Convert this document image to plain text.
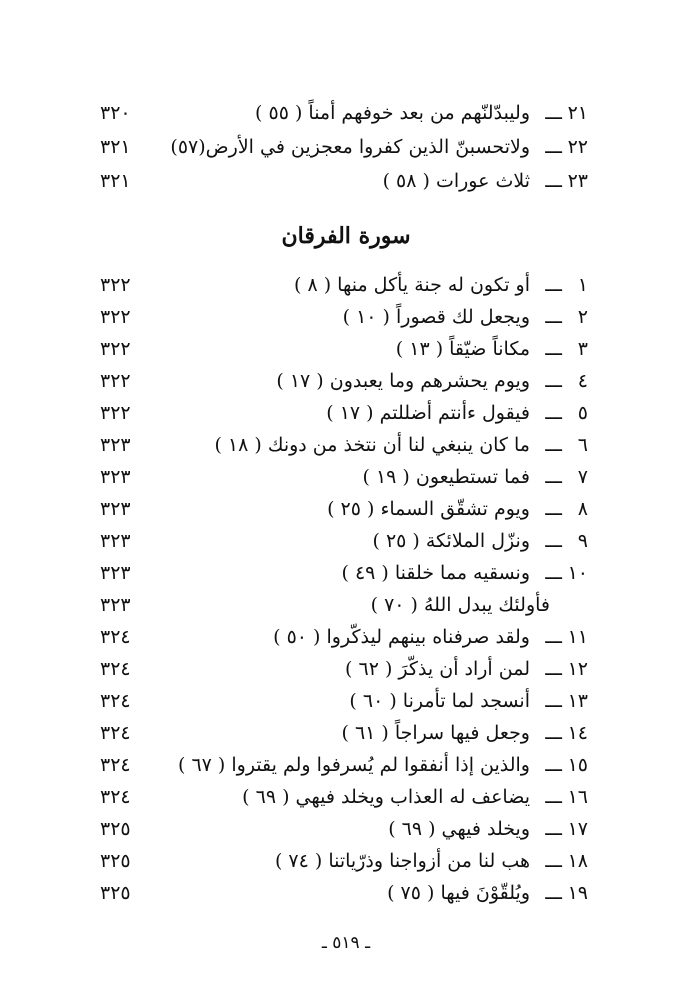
٢١
ـــ
وليبدّلنّهم من بعد خوفهم أمناً ( ٥٥ )
٣٢٠
٢٢
ـــ
ولاتحسبنّ الذين كفروا معجزين في الأرض(٥٧)
٣٢١
٢٣
ـــ
ثلاث عورات ( ٥٨ )
٣٢١
سورة الفرقان
١
ـــ
أو تكون له جنة يأكل منها ( ٨ )
٣٢٢
٢
ـــ
ويجعل لك قصوراً ( ١٠ )
٣٢٢
٣
ـــ
مكاناً ضيّقاً ( ١٣ )
٣٢٢
٤
ـــ
ويوم يحشرهم وما يعبدون ( ١٧ )
٣٢٢
٥
ـــ
فيقول ءأنتم أضللتم ( ١٧ )
٣٢٢
٦
ـــ
ما كان ينبغي لنا أن نتخذ من دونك ( ١٨ )
٣٢٣
٧
ـــ
فما تستطيعون ( ١٩ )
٣٢٣
٨
ـــ
ويوم تشقّق السماء ( ٢٥ )
٣٢٣
٩
ـــ
ونزّل الملائكة ( ٢٥ )
٣٢٣
١٠
ـــ
ونسقيه مما خلقنا ( ٤٩ )
٣٢٣
فأولئك يبدل اللهُ ( ٧٠ )
٣٢٣
١١
ـــ
ولقد صرفناه بينهم ليذكّروا ( ٥٠ )
٣٢٤
١٢
ـــ
لمن أراد أن يذكّرَ ( ٦٢ )
٣٢٤
١٣
ـــ
أنسجد لما تأمرنا ( ٦٠ )
٣٢٤
١٤
ـــ
وجعل فيها سراجاً ( ٦١ )
٣٢٤
١٥
ـــ
والذين إذا أنفقوا لم يُسرفوا ولم يقتروا ( ٦٧ )
٣٢٤
١٦
ـــ
يضاعف له العذاب ويخلد فيهي ( ٦٩ )
٣٢٤
١٧
ـــ
ويخلد فيهي ( ٦٩ )
٣٢٥
١٨
ـــ
هب لنا من أزواجنا وذرّياتنا ( ٧٤ )
٣٢٥
١٩
ـــ
ويُلقّوْنَ فيها ( ٧٥ )
٣٢٥
ـ ٥١٩ ـ
